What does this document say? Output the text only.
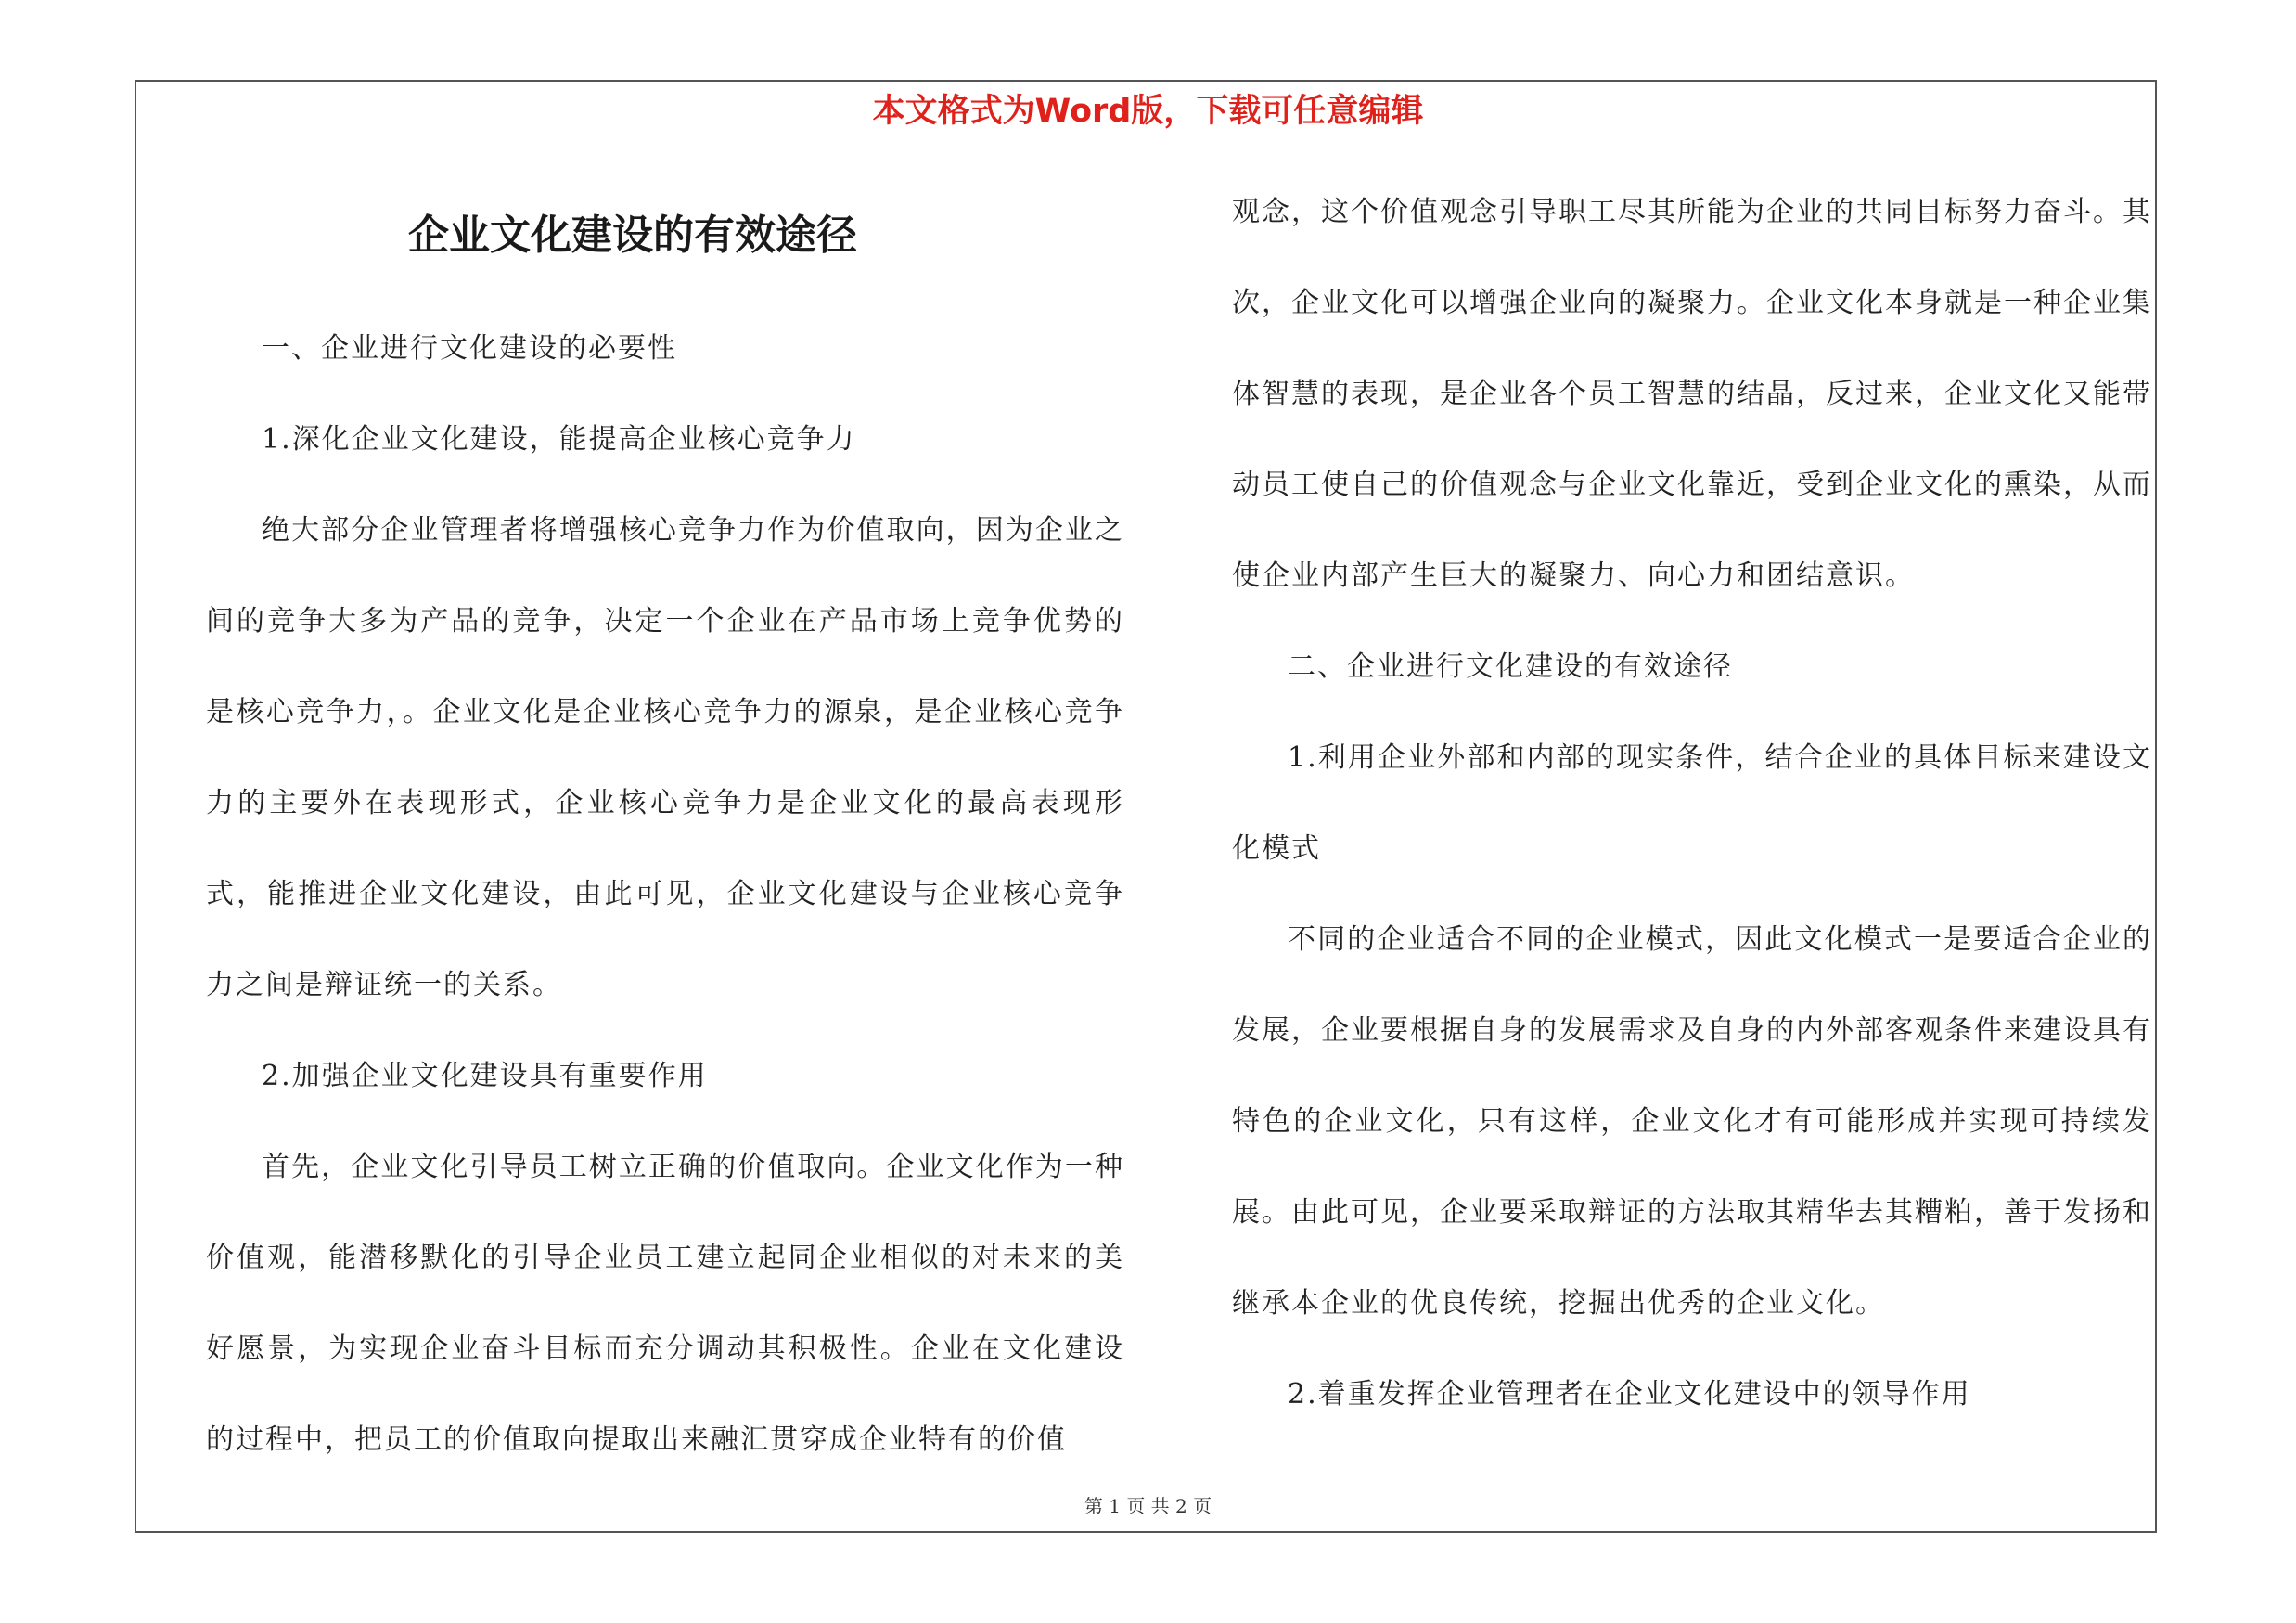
本文格式为Word版，下载可任意编辑
企业文化建设的有效途径

一、企业进行文化建设的必要性

1.深化企业文化建设，能提高企业核心竞争力

绝大部分企业管理者将增强核心竞争力作为价值取向，因为企业之间的竞争大多为产品的竞争，决定一个企业在产品市场上竞争优势的是核心竞争力，。企业文化是企业核心竞争力的源泉，是企业核心竞争力的主要外在表现形式，企业核心竞争力是企业文化的最高表现形式，能推进企业文化建设，由此可见，企业文化建设与企业核心竞争力之间是辩证统一的关系。

2.加强企业文化建设具有重要作用

首先，企业文化引导员工树立正确的价值取向。企业文化作为一种价值观，能潜移默化的引导企业员工建立起同企业相似的对未来的美好愿景，为实现企业奋斗目标而充分调动其积极性。企业在文化建设的过程中，把员工的价值取向提取出来融汇贯穿成企业特有的价值

观念，这个价值观念引导职工尽其所能为企业的共同目标努力奋斗。其次，企业文化可以增强企业向的凝聚力。企业文化本身就是一种企业集体智慧的表现，是企业各个员工智慧的结晶，反过来，企业文化又能带动员工使自己的价值观念与企业文化靠近，受到企业文化的熏染，从而使企业内部产生巨大的凝聚力、向心力和团结意识。

二、企业进行文化建设的有效途径

1.利用企业外部和内部的现实条件，结合企业的具体目标来建设文化模式

不同的企业适合不同的企业模式，因此文化模式一是要适合企业的发展，企业要根据自身的发展需求及自身的内外部客观条件来建设具有特色的企业文化，只有这样，企业文化才有可能形成并实现可持续发展。由此可见，企业要采取辩证的方法取其精华去其糟粕，善于发扬和继承本企业的优良传统，挖掘出优秀的企业文化。

2.着重发挥企业管理者在企业文化建设中的领导作用

第 1 页 共 2 页
